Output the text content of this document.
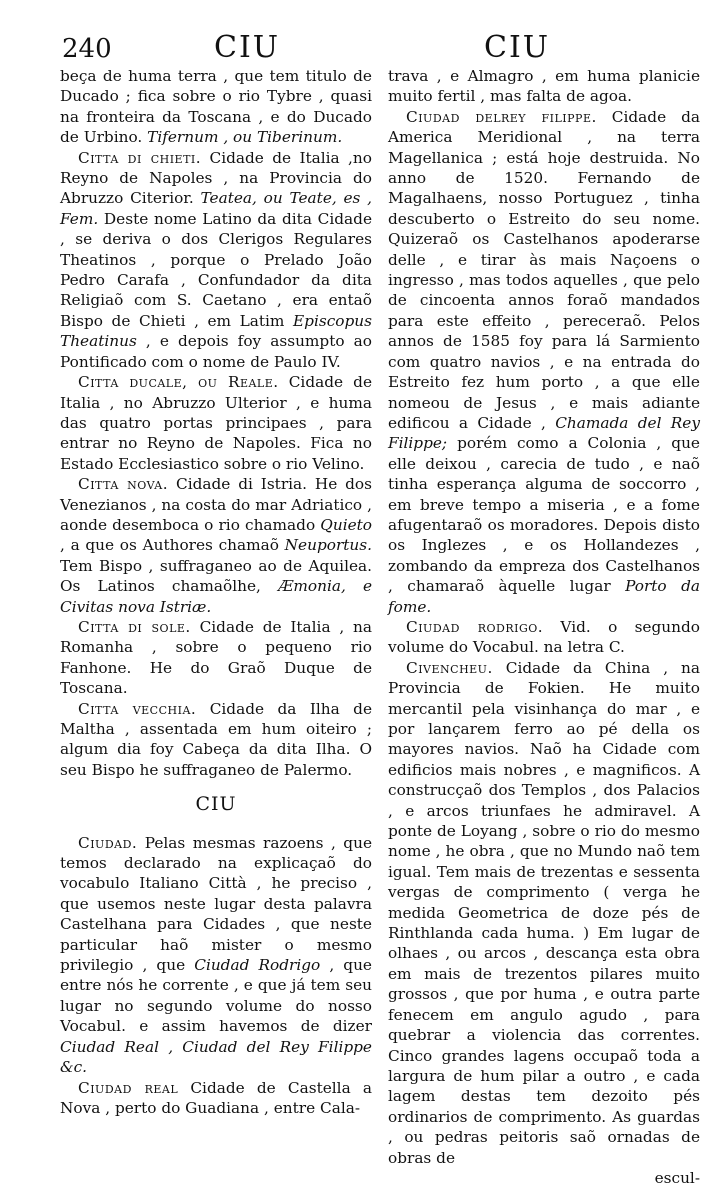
240	CIU	CIU

beça de huma terra , que tem titulo de Ducado ; fica sobre o rio Tybre , quasi na fronteira da Toscana , e do Ducado de Urbino. Tifernum , ou Tiberinum.

Citta di chieti. Cidade de Italia ,no Reyno de Napoles , na Provincia do Abruzzo Citerior. Teatea, ou Teate, es , Fem. Deste nome Latino da dita Cidade , se deriva o dos Clerigos Regulares Theatinos , porque o Prelado João Pedro Carafa , Confundador da dita Religiaõ com S. Caetano , era entaõ Bispo de Chieti , em Latim Episcopus Theatinus , e depois foy assumpto ao Pontificado com o nome de Paulo IV.

Citta ducale, ou Reale. Cidade de Italia , no Abruzzo Ulterior , e huma das quatro portas principaes , para entrar no Reyno de Napoles. Fica no Estado Ecclesiastico sobre o rio Velino.

Citta nova. Cidade di Istria. He dos Venezianos , na costa do mar Adriatico , aonde desemboca o rio chamado Quieto , a que os Authores chamaõ Neuportus. Tem Bispo , suffraganeo ao de Aquilea. Os Latinos chamaõlhe, Æmonia, e Civitas nova Istriæ.

Citta di sole. Cidade de Italia , na Romanha , sobre o pequeno rio Fanhone. He do Graõ Duque de Toscana.

Citta vecchia. Cidade da Ilha de Maltha , assentada em hum oiteiro ; algum dia foy Cabeça da dita Ilha. O seu Bispo he suffraganeo de Palermo.

CIU

Ciudad. Pelas mesmas razoens , que temos declarado na explicaçaõ do vocabulo Italiano Città , he preciso , que usemos neste lugar desta palavra Castelhana para Cidades , que neste particular haõ mister o mesmo privilegio , que Ciudad Rodrigo , que entre nós he corrente , e que já tem seu lugar no segundo volume do nosso Vocabul. e assim havemos de dizer Ciudad Real , Ciudad del Rey Filippe &c.

Ciudad real Cidade de Castella a Nova , perto do Guadiana , entre Cala-

trava , e Almagro , em huma planicie muito fertil , mas falta de agoa.

Ciudad delrey filippe. Cidade da America Meridional , na terra Magellanica ; está hoje destruida. No anno de 1520. Fernando de Magalhaens, nosso Portuguez , tinha descuberto o Estreito do seu nome. Quizeraõ os Castelhanos apoderarse delle , e tirar às mais Naçoens o ingresso , mas todos aquelles , que pelo de cincoenta annos foraõ mandados para este effeito , pereceraõ. Pelos annos de 1585 foy para lá Sarmiento com quatro navios , e na entrada do Estreito fez hum porto , a que elle nomeou de Jesus , e mais adiante edificou a Cidade , Chamada del Rey Filippe; porém como a Colonia , que elle deixou , carecia de tudo , e naõ tinha esperança alguma de soccorro , em breve tempo a miseria , e a fome afugentaraõ os moradores. Depois disto os Inglezes , e os Hollandezes , zombando da empreza dos Castelhanos , chamaraõ àquelle lugar Porto da fome.

Ciudad rodrigo. Vid. o segundo volume do Vocabul. na letra C.

Civencheu. Cidade da China , na Provincia de Fokien. He muito mercantil pela visinhança do mar , e por lançarem ferro ao pé della os mayores navios. Naõ ha Cidade com edificios mais nobres , e magnificos. A construcçaõ dos Templos , dos Palacios , e arcos triunfaes he admiravel. A ponte de Loyang , sobre o rio do mesmo nome , he obra , que no Mundo naõ tem igual. Tem mais de trezentas e sessenta vergas de comprimento ( verga he medida Geometrica de doze pés de Rinthlanda cada huma. ) Em lugar de olhaes , ou arcos , descança esta obra em mais de trezentos pilares muito grossos , que por huma , e outra parte fenecem em angulo agudo , para quebrar a violencia das correntes. Cinco grandes lagens occupaõ toda a largura de hum pilar a outro , e cada lagem destas tem dezoito pés ordinarios de comprimento. As guardas , ou pedras peitoris saõ ornadas de obras de

escul-
